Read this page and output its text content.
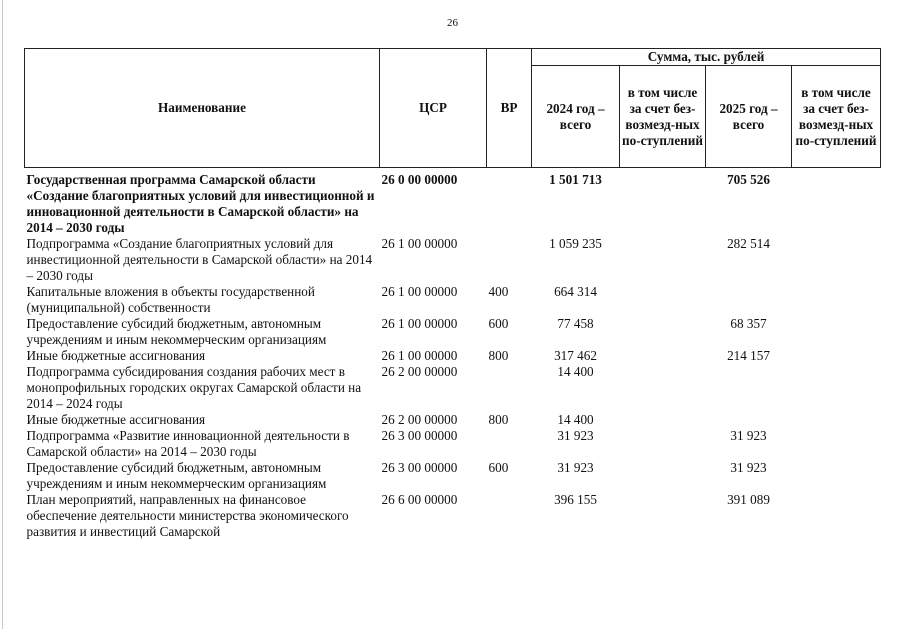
26
Наименование	ЦСР	ВР	Сумма, тыс. рублей			
			2024 год – всего	в том числе за счет без-возмезд-ных по-ступлений	2025 год – всего	в том числе за счет без-возмезд-ных по-ступлений
Государственная программа Самарской области «Создание благоприятных условий для инвестиционной и инновационной деятельности в Самарской области» на 2014 – 2030 годы	26 0 00 00000		1 501 713		705 526	
Подпрограмма «Создание благоприятных условий для инвестиционной деятельности в Самарской области» на 2014 – 2030 годы	26 1 00 00000		1 059 235		282 514	
Капитальные вложения в объекты государственной (муниципальной) собственности	26 1 00 00000	400	664 314			
Предоставление субсидий бюджетным, автономным учреждениям и иным некоммерческим организациям	26 1 00 00000	600	77 458		68 357	
Иные бюджетные ассигнования	26 1 00 00000	800	317 462		214 157	
Подпрограмма субсидирования создания рабочих мест в монопрофильных городских округах Самарской области на 2014 – 2024 годы	26 2 00 00000		14 400			
Иные бюджетные ассигнования	26 2 00 00000	800	14 400			
Подпрограмма «Развитие инновационной деятельности в Самарской области» на 2014 – 2030 годы	26 3 00 00000		31 923		31 923	
Предоставление субсидий бюджетным, автономным учреждениям и иным некоммерческим организациям	26 3 00 00000	600	31 923		31 923	
План мероприятий, направленных на финансовое обеспечение деятельности министерства экономического развития и инвестиций Самарской	26 6 00 00000		396 155		391 089	
